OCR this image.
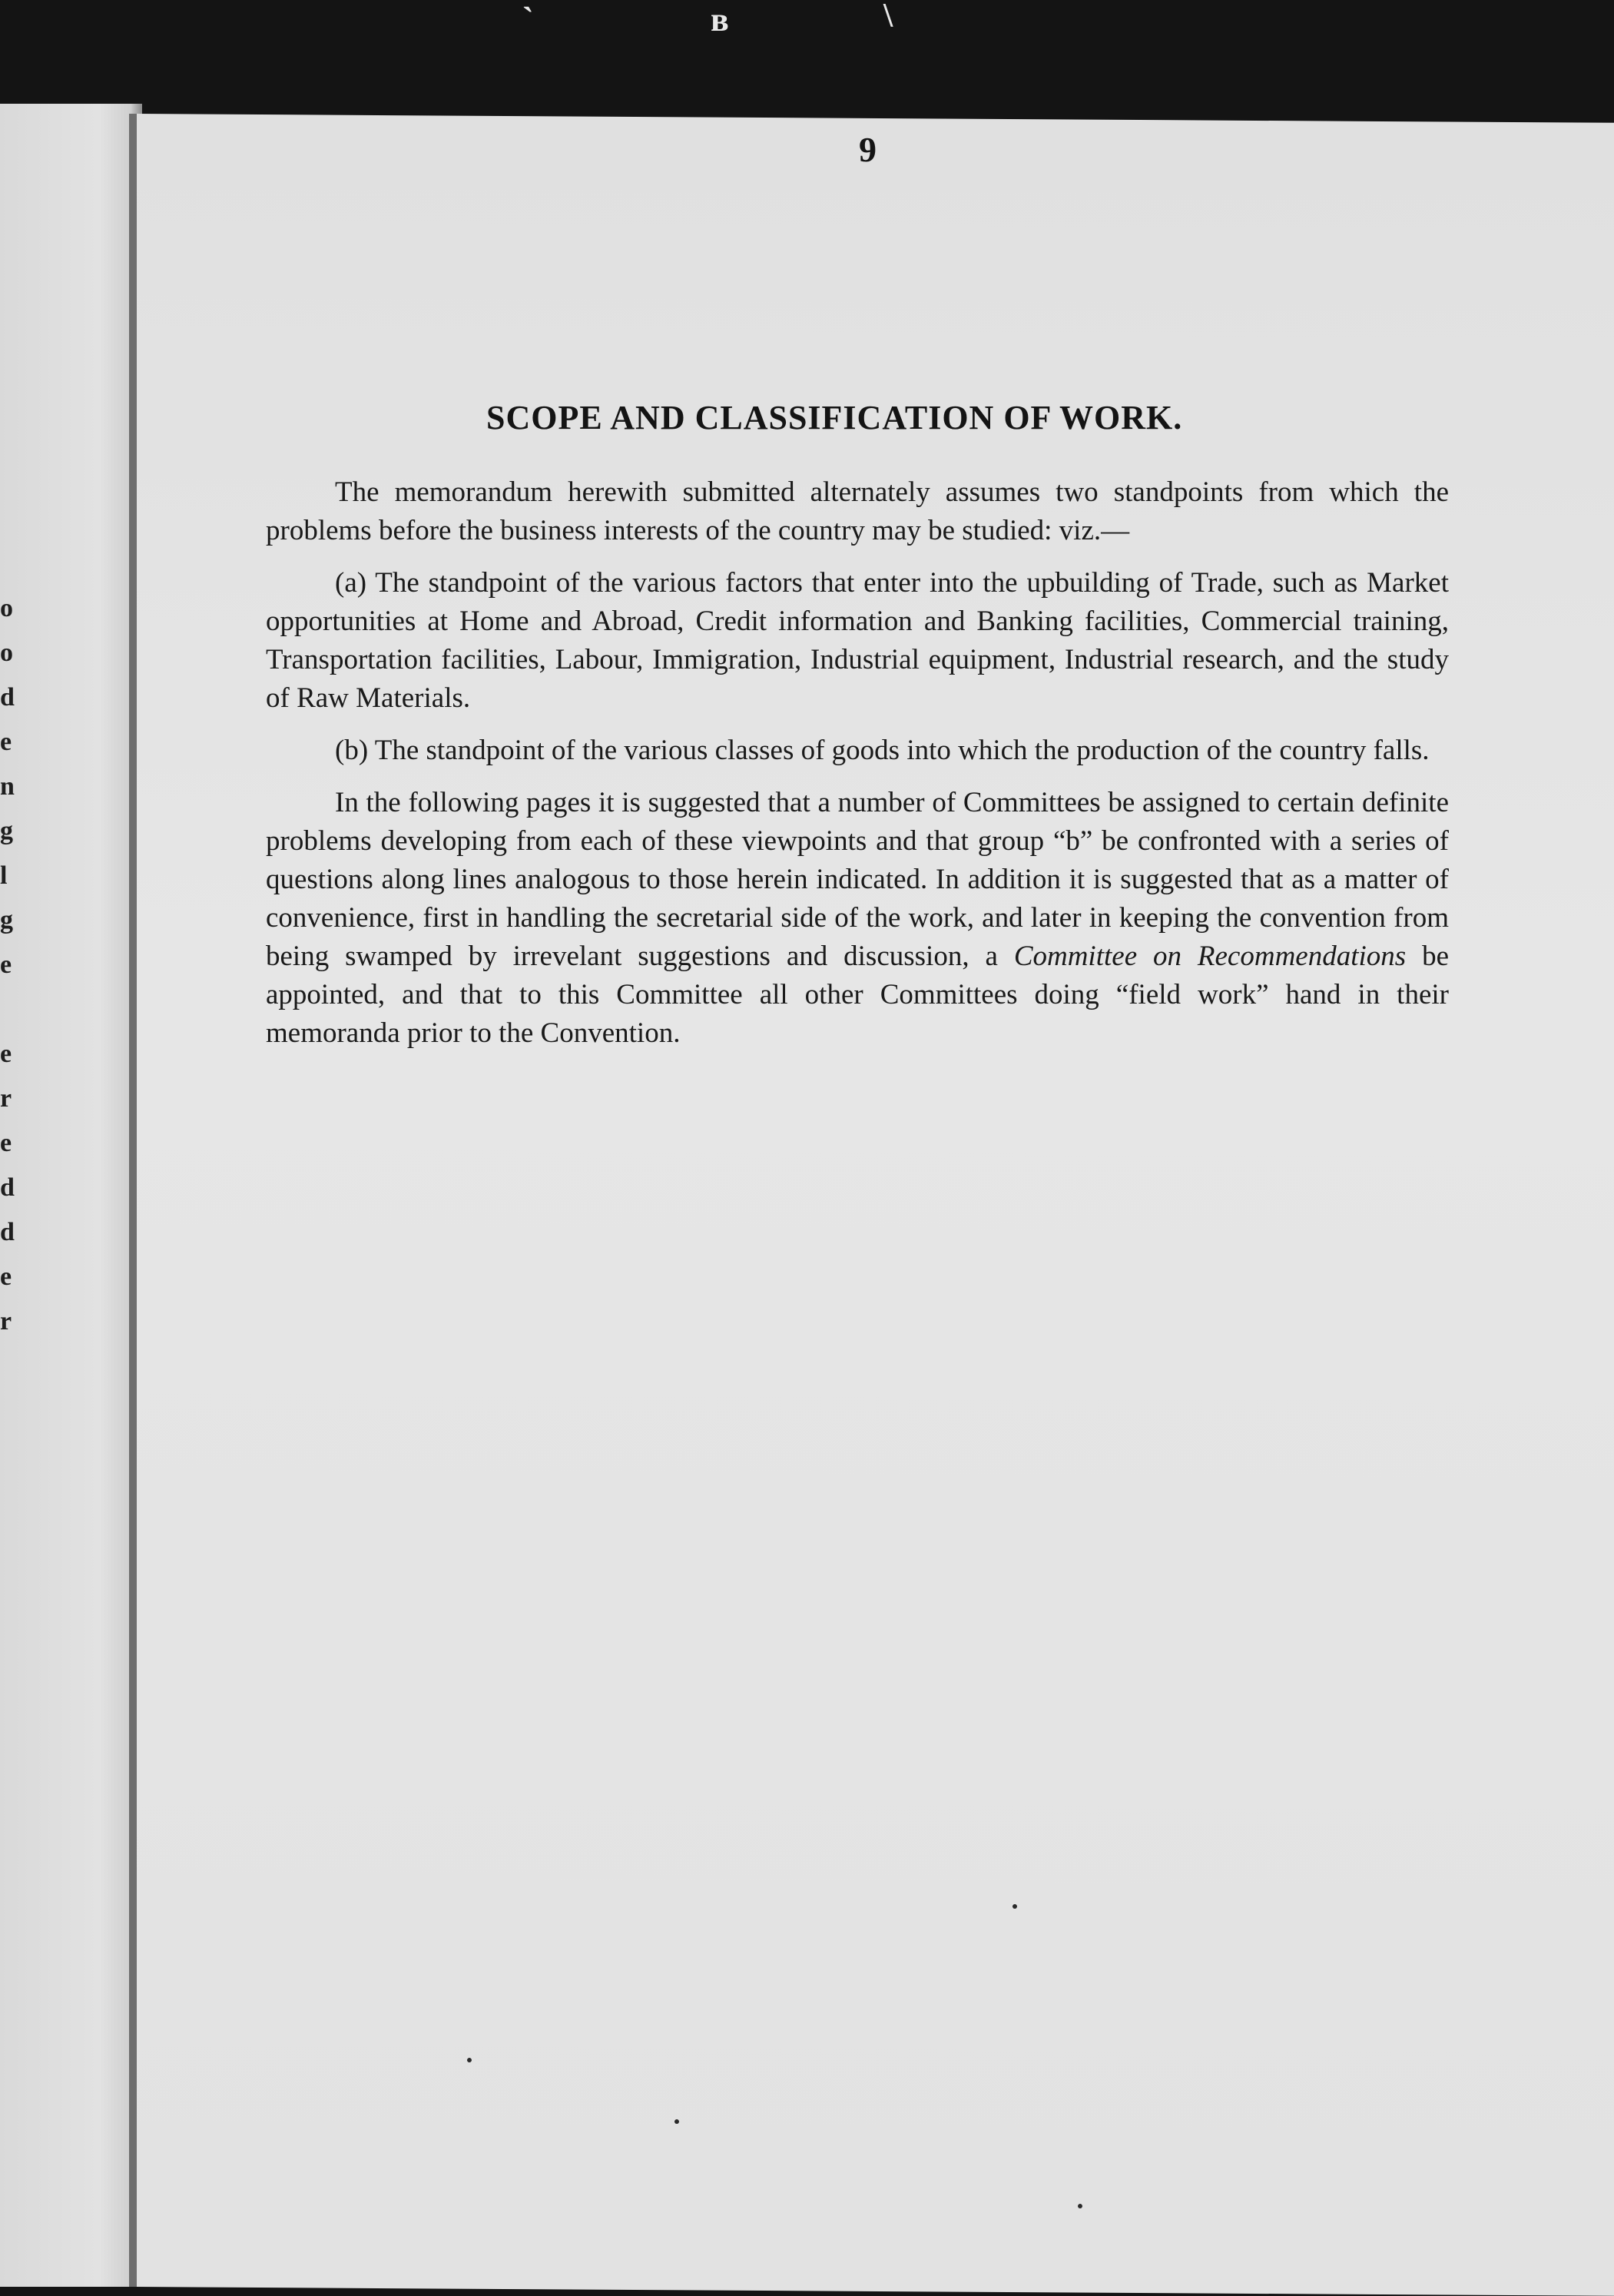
`	ʙ	\
o
o
d
e
n
g
l
g
e
e
r
e
d
d
e
r
9
SCOPE AND CLASSIFICATION OF WORK.

The memorandum herewith submitted alternately assumes two standpoints from which the problems before the business interests of the country may be studied: viz.—

(a) The standpoint of the various factors that enter into the upbuilding of Trade, such as Market opportunities at Home and Abroad, Credit information and Banking facilities, Commercial training, Transportation facilities, Labour, Immigration, Industrial equipment, Industrial research, and the study of Raw Materials.

(b) The standpoint of the various classes of goods into which the production of the country falls.

In the following pages it is suggested that a number of Committees be assigned to certain definite problems developing from each of these viewpoints and that group “b” be confronted with a series of questions along lines analogous to those herein indicated. In addition it is suggested that as a matter of convenience, first in handling the secretarial side of the work, and later in keeping the convention from being swamped by irrevelant suggestions and discussion, a Committee on Recommendations be appointed, and that to this Committee all other Committees doing “field work” hand in their memoranda prior to the Convention.
